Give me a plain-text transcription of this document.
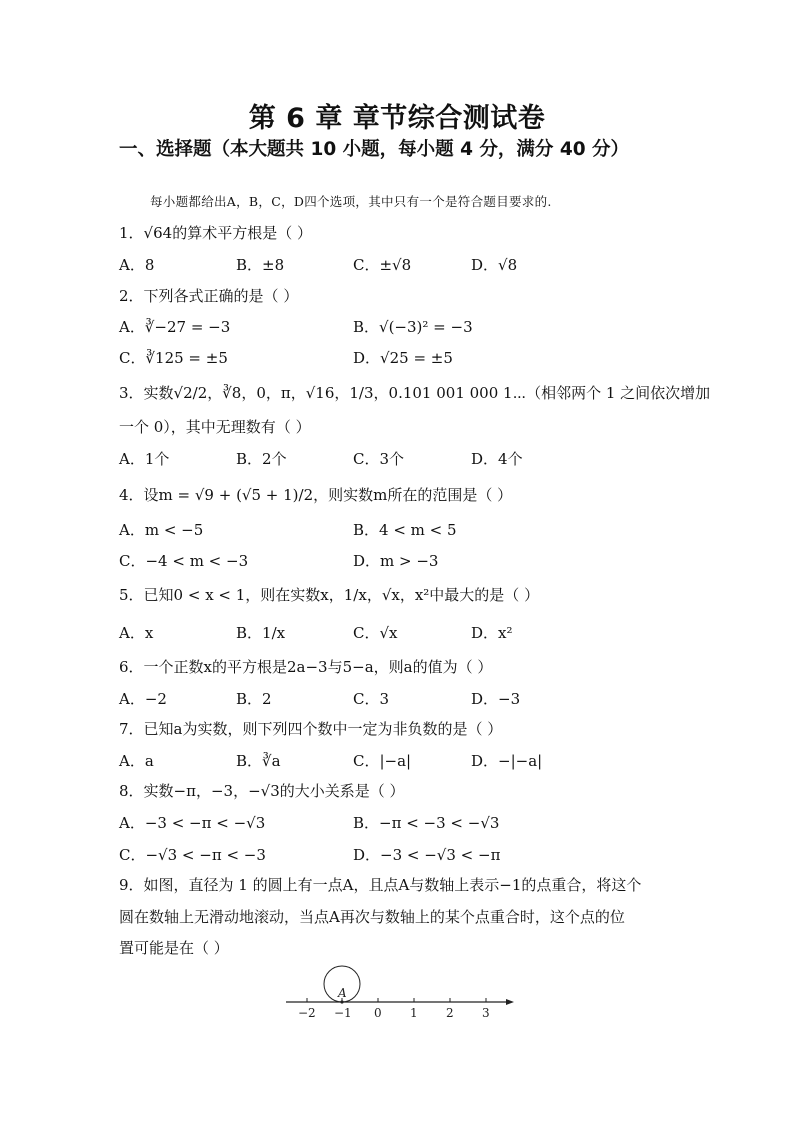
第 6 章 章节综合测试卷
一、选择题（本大题共 10 小题，每小题 4 分，满分 40 分）
每小题都给出A，B，C，D四个选项，其中只有一个是符合题目要求的.
1．√64的算术平方根是（ ）
A．8	B．±8	C．±√8	D．√8
2．下列各式正确的是（ ）
A．∛−27 = −3	B．√(−3)² = −3
C．∛125 = ±5	D．√25 = ±5
3．实数√2/2，∛8，0，π，√16，1/3，0.101 001 000 1⋯（相邻两个 1 之间依次增加
一个 0），其中无理数有（ ）
A．1个	B．2个	C．3个	D．4个
4．设m = √9 + (√5 + 1)/2，则实数m所在的范围是（ ）
A．m < −5	B．4 < m < 5
C．−4 < m < −3	D．m > −3
5．已知0 < x < 1，则在实数x，1/x，√x，x²中最大的是（ ）
A．x	B．1/x	C．√x	D．x²
6．一个正数x的平方根是2a−3与5−a，则a的值为（ ）
A．−2	B．2	C．3	D．−3
7．已知a为实数，则下列四个数中一定为非负数的是（ ）
A．a	B．∛a	C．|−a|	D．−|−a|
8．实数−π，−3，−√3的大小关系是（ ）
A．−3 < −π < −√3	B．−π < −3 < −√3
C．−√3 < −π < −3	D．−3 < −√3 < −π
9．如图，直径为 1 的圆上有一点A，且点A与数轴上表示−1的点重合，将这个
圆在数轴上无滑动地滚动，当点A再次与数轴上的某个点重合时，这个点的位
置可能是在（ ）
A
−2 −1 0 1 2 3
